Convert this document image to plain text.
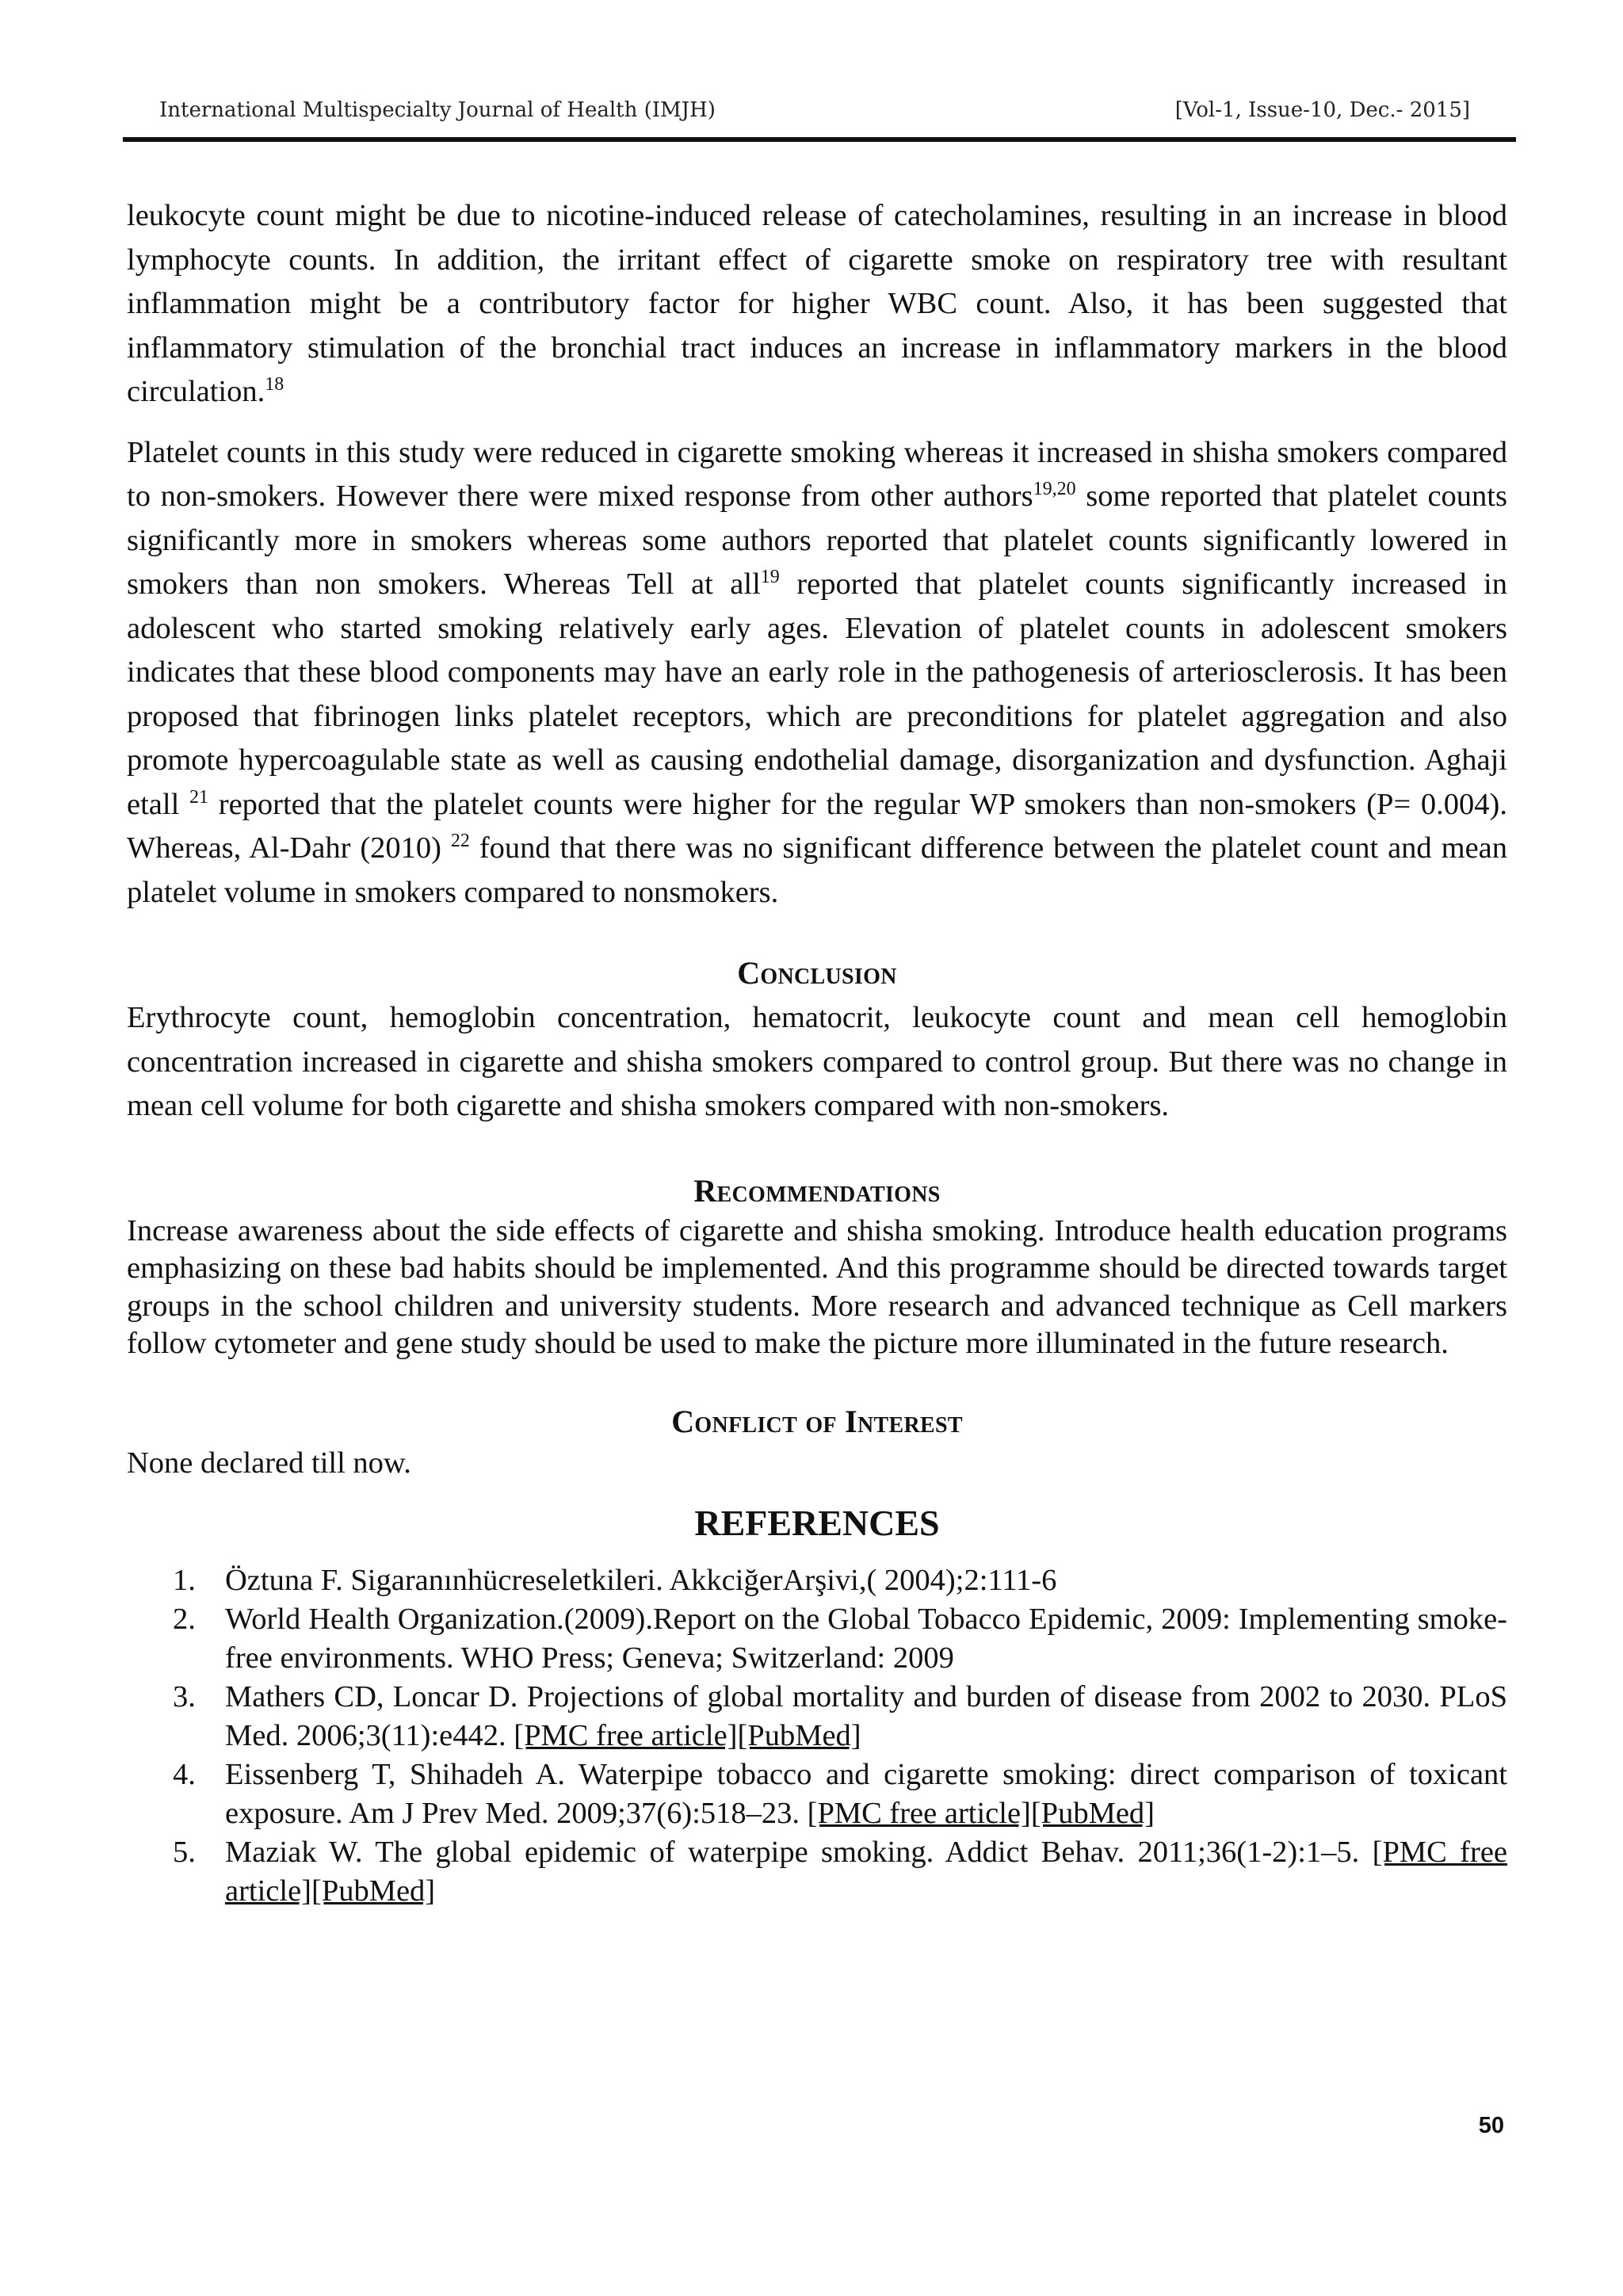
International Multispecialty Journal of Health (IMJH)	[Vol-1, Issue-10, Dec.- 2015]

leukocyte count might be due to nicotine-induced release of catecholamines, resulting in an increase in blood lymphocyte counts. In addition, the irritant effect of cigarette smoke on respiratory tree with resultant inflammation might be a contributory factor for higher WBC count. Also, it has been suggested that inflammatory stimulation of the bronchial tract induces an increase in inflammatory markers in the blood circulation.$^{18}$

Platelet counts in this study were reduced in cigarette smoking whereas it increased in shisha smokers compared to non-smokers. However there were mixed response from other authors$^{19,20}$ some reported that platelet counts significantly more in smokers whereas some authors reported that platelet counts significantly lowered in smokers than non smokers. Whereas Tell at all$^{19}$ reported that platelet counts significantly increased in adolescent who started smoking relatively early ages. Elevation of platelet counts in adolescent smokers indicates that these blood components may have an early role in the pathogenesis of arteriosclerosis. It has been proposed that fibrinogen links platelet receptors, which are preconditions for platelet aggregation and also promote hypercoagulable state as well as causing endothelial damage, disorganization and dysfunction. Aghaji etall $^{21}$ reported that the platelet counts were higher for the regular WP smokers than non-smokers (P= 0.004). Whereas, Al-Dahr (2010) $^{22}$ found that there was no significant difference between the platelet count and mean platelet volume in smokers compared to nonsmokers.

Conclusion

Erythrocyte count, hemoglobin concentration, hematocrit, leukocyte count and mean cell hemoglobin concentration increased in cigarette and shisha smokers compared to control group. But there was no change in mean cell volume for both cigarette and shisha smokers compared with non-smokers.

Recommendations

Increase awareness about the side effects of cigarette and shisha smoking. Introduce health education programs emphasizing on these bad habits should be implemented. And this programme should be directed towards target groups in the school children and university students. More research and advanced technique as Cell markers follow cytometer and gene study should be used to make the picture more illuminated in the future research.

Conflict of Interest

None declared till now.

REFERENCES
1. Öztuna F. Sigaranınhücreseletkileri. AkkciğerArşivi,( 2004);2:111-6
2. World Health Organization.(2009).Report on the Global Tobacco Epidemic, 2009: Implementing smoke-free environments. WHO Press; Geneva; Switzerland: 2009
3. Mathers CD, Loncar D. Projections of global mortality and burden of disease from 2002 to 2030. PLoS Med. 2006;3(11):e442. [PMC free article][PubMed]
4. Eissenberg T, Shihadeh A. Waterpipe tobacco and cigarette smoking: direct comparison of toxicant exposure. Am J Prev Med. 2009;37(6):518–23. [PMC free article][PubMed]
5. Maziak W. The global epidemic of waterpipe smoking. Addict Behav. 2011;36(1-2):1–5. [PMC free article][PubMed]
50
